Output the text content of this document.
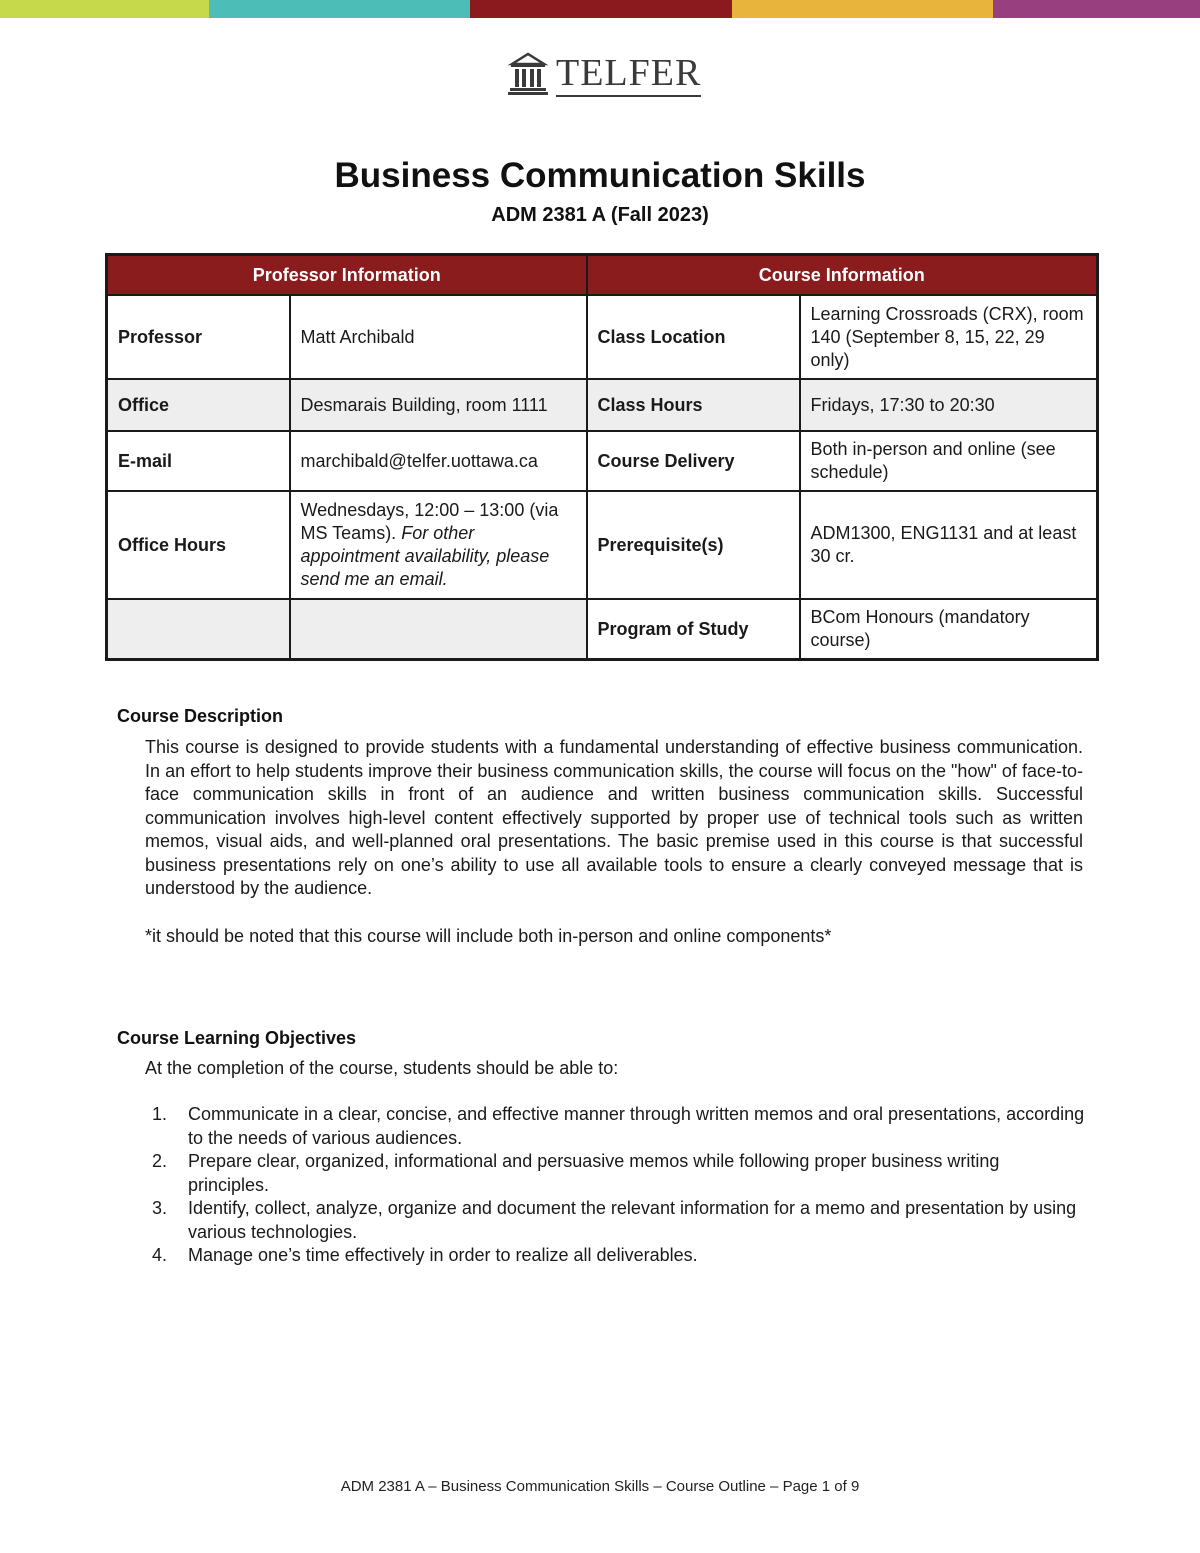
TELFER
Business Communication Skills
ADM 2381 A (Fall 2023)
Professor Information		Course Information	
Professor	Matt Archibald	Class Location	Learning Crossroads (CRX), room 140 (September 8, 15, 22, 29 only)
Office	Desmarais Building, room 1111	Class Hours	Fridays, 17:30 to 20:30
E-mail	marchibald@telfer.uottawa.ca	Course Delivery	Both in-person and online (see schedule)
Office Hours	Wednesdays, 12:00 – 13:00 (via MS Teams). For other appointment availability, please send me an email.	Prerequisite(s)	ADM1300, ENG1131 and at least 30 cr.
		Program of Study	BCom Honours (mandatory course)
Course Description
This course is designed to provide students with a fundamental understanding of effective business communication. In an effort to help students improve their business communication skills, the course will focus on the "how" of face-to-face communication skills in front of an audience and written business communication skills. Successful communication involves high-level content effectively supported by proper use of technical tools such as written memos, visual aids, and well-planned oral presentations. The basic premise used in this course is that successful business presentations rely on one’s ability to use all available tools to ensure a clearly conveyed message that is understood by the audience.
*it should be noted that this course will include both in-person and online components*
Course Learning Objectives
At the completion of the course, students should be able to:
1.	Communicate in a clear, concise, and effective manner through written memos and oral presentations, according to the needs of various audiences.
2.	Prepare clear, organized, informational and persuasive memos while following proper business writing principles.
3.	Identify, collect, analyze, organize and document the relevant information for a memo and presentation by using various technologies.
4.	Manage one’s time effectively in order to realize all deliverables.
ADM 2381 A – Business Communication Skills – Course Outline – Page 1 of 9
